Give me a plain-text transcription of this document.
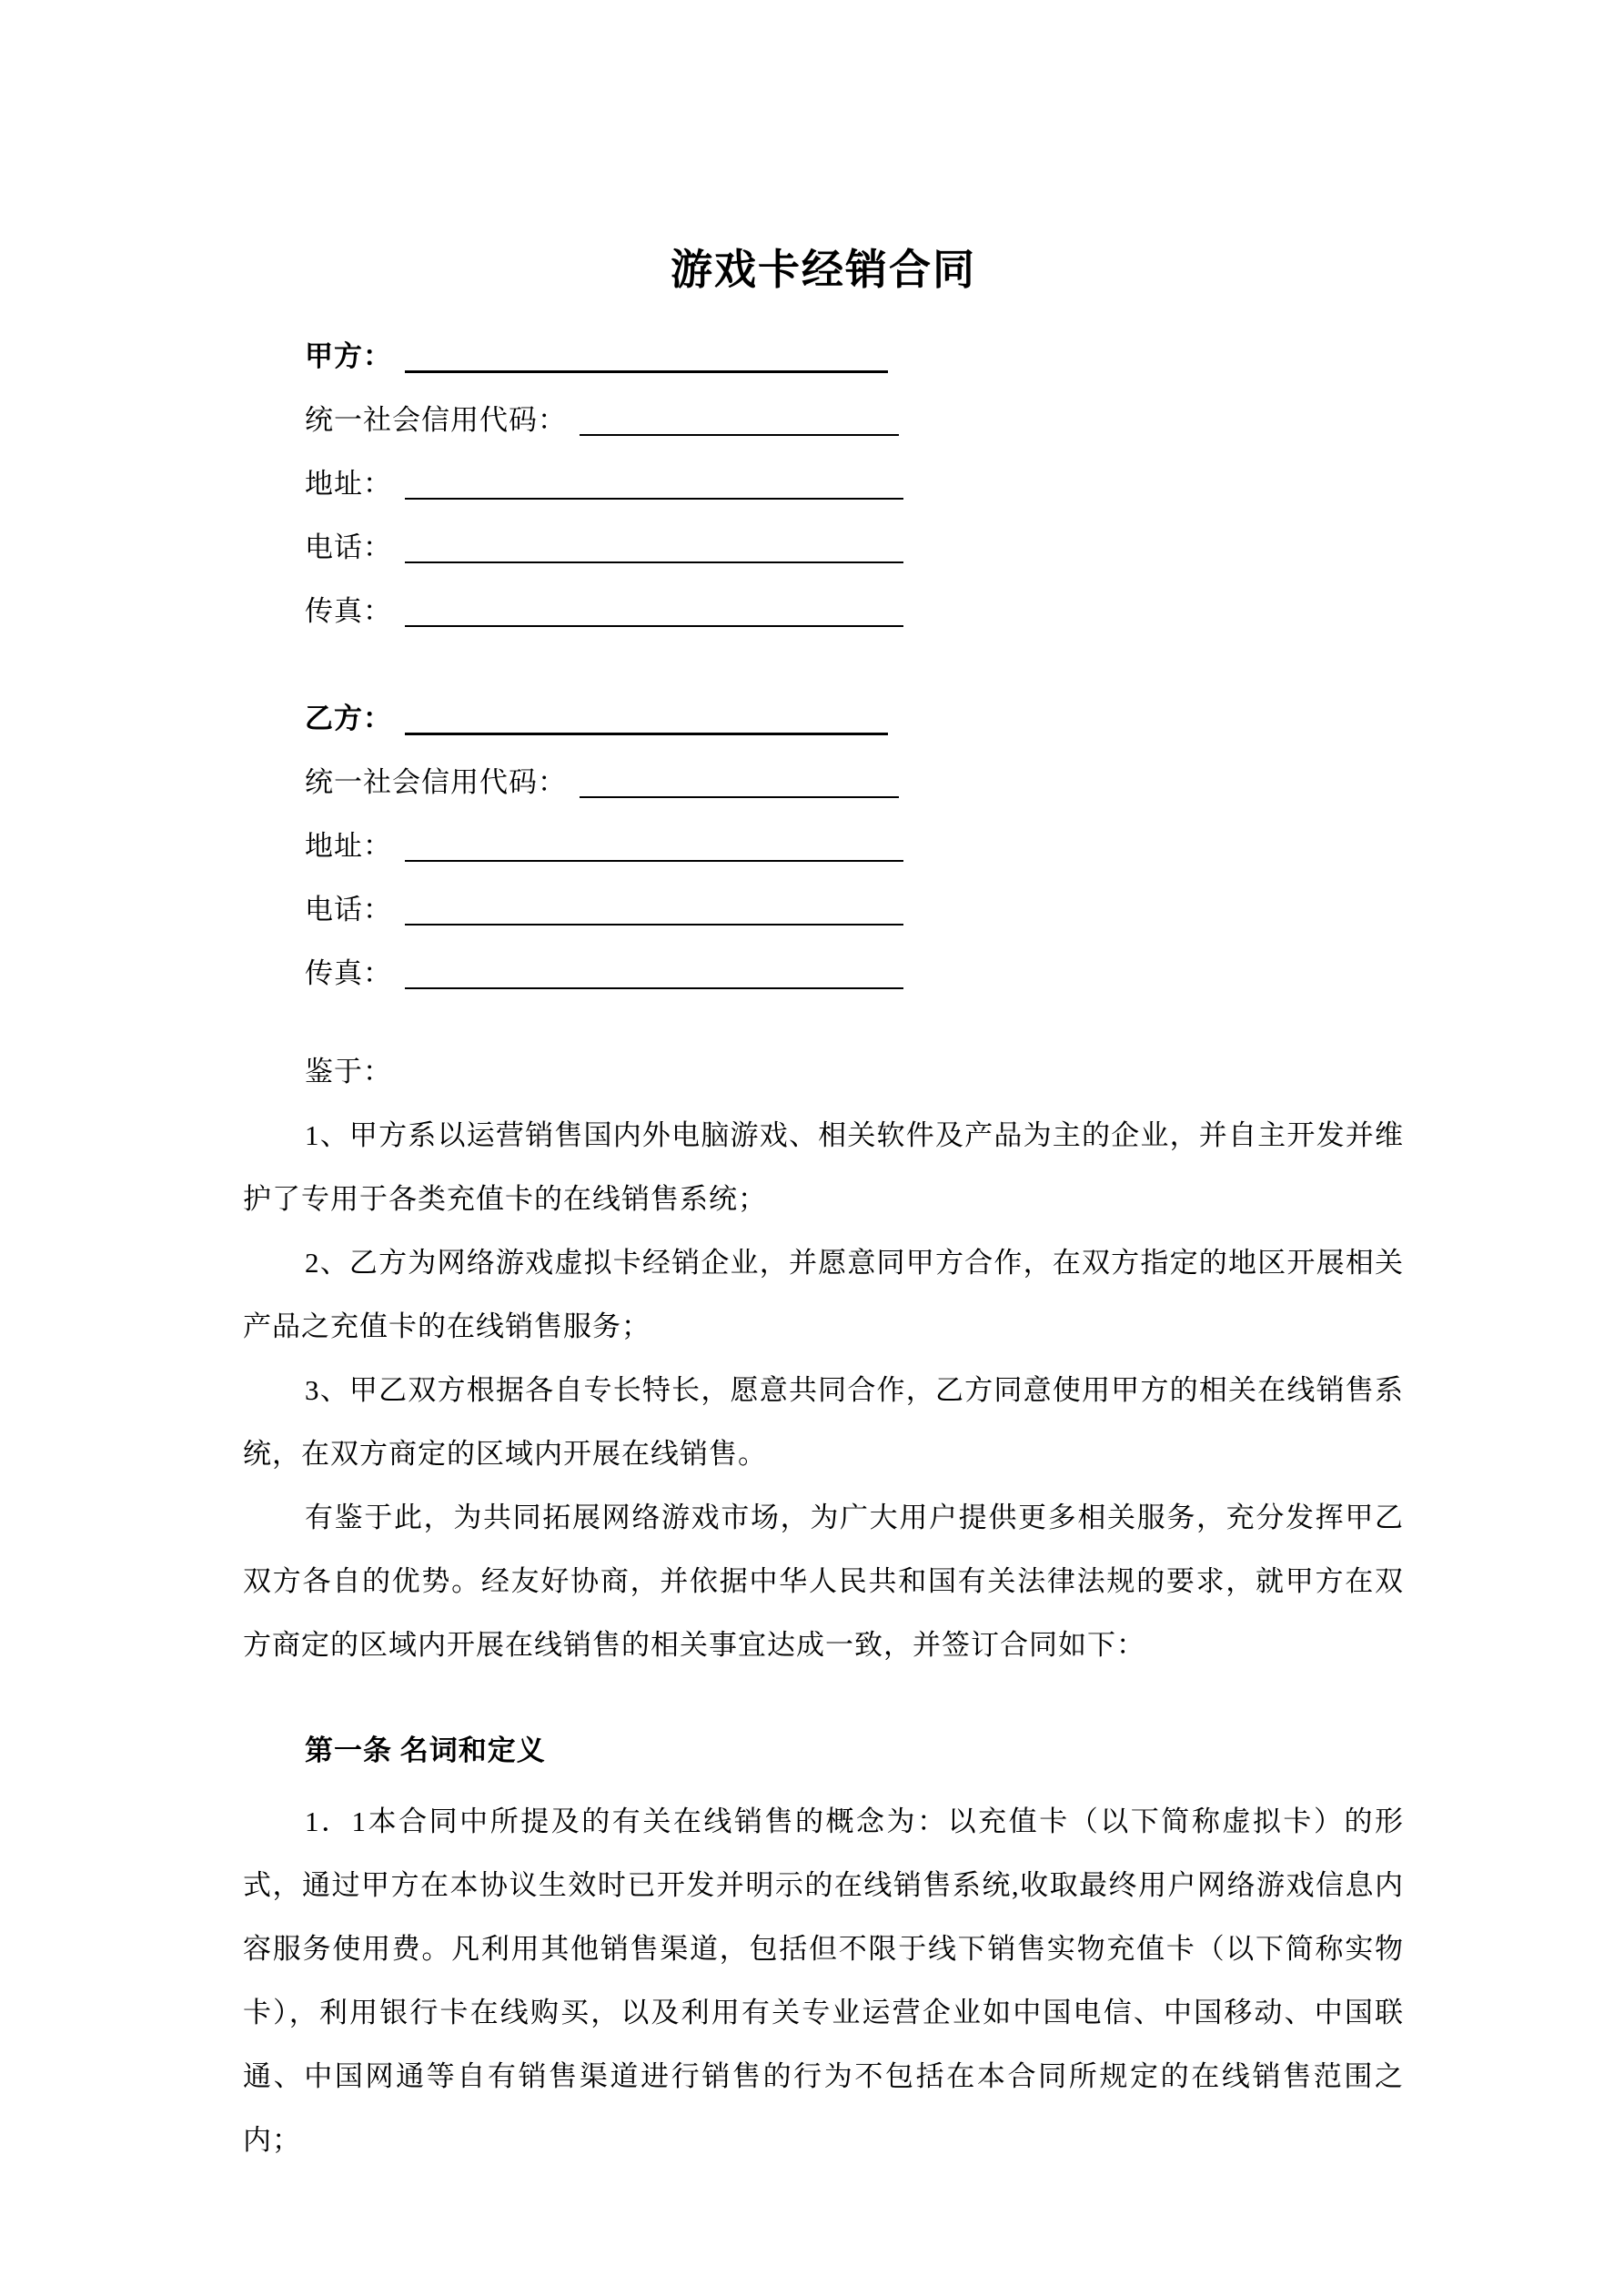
游戏卡经销合同
甲方：
统一社会信用代码：
地址：
电话：
传真：
乙方：
统一社会信用代码：
地址：
电话：
传真：

鉴于：

1、甲方系以运营销售国内外电脑游戏、相关软件及产品为主的企业，并自主开发并维护了专用于各类充值卡的在线销售系统；

2、乙方为网络游戏虚拟卡经销企业，并愿意同甲方合作，在双方指定的地区开展相关产品之充值卡的在线销售服务；

3、甲乙双方根据各自专长特长，愿意共同合作，乙方同意使用甲方的相关在线销售系统，在双方商定的区域内开展在线销售。

有鉴于此，为共同拓展网络游戏市场，为广大用户提供更多相关服务，充分发挥甲乙双方各自的优势。经友好协商，并依据中华人民共和国有关法律法规的要求，就甲方在双方商定的区域内开展在线销售的相关事宜达成一致，并签订合同如下：

第一条 名词和定义

1．1本合同中所提及的有关在线销售的概念为：以充值卡（以下简称虚拟卡）的形式，通过甲方在本协议生效时已开发并明示的在线销售系统,收取最终用户网络游戏信息内容服务使用费。凡利用其他销售渠道，包括但不限于线下销售实物充值卡（以下简称实物卡），利用银行卡在线购买，以及利用有关专业运营企业如中国电信、中国移动、中国联通、中国网通等自有销售渠道进行销售的行为不包括在本合同所规定的在线销售范围之内；
